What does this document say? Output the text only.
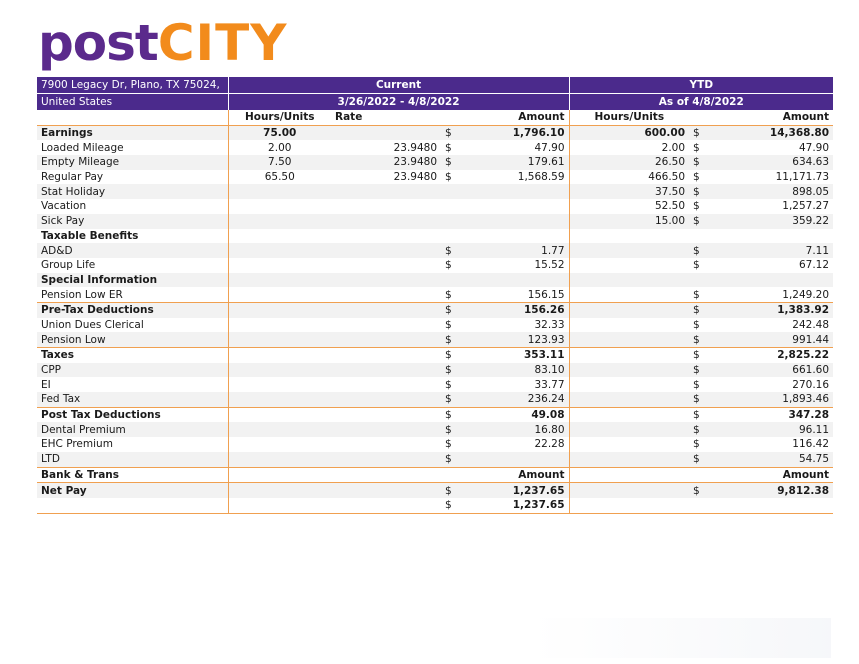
postCITY
7900 Legacy Dr, Plano, TX 75024,	Current				YTD		
United States	3/26/2022 - 4/8/2022				As of 4/8/2022		
	Hours/Units	Rate		Amount	Hours/Units		Amount
Earnings	75.00		$	1,796.10	600.00	$	14,368.80
Loaded Mileage	2.00	23.9480	$	47.90	2.00	$	47.90
Empty Mileage	7.50	23.9480	$	179.61	26.50	$	634.63
Regular Pay	65.50	23.9480	$	1,568.59	466.50	$	11,171.73
Stat Holiday					37.50	$	898.05
Vacation					52.50	$	1,257.27
Sick Pay					15.00	$	359.22
Taxable Benefits							
AD&D			$	1.77		$	7.11
Group Life			$	15.52		$	67.12
Special Information							
Pension Low ER			$	156.15		$	1,249.20
Pre-Tax Deductions			$	156.26		$	1,383.92
Union Dues Clerical			$	32.33		$	242.48
Pension Low			$	123.93		$	991.44
Taxes			$	353.11		$	2,825.22
CPP			$	83.10		$	661.60
EI			$	33.77		$	270.16
Fed Tax			$	236.24		$	1,893.46
Post Tax Deductions			$	49.08		$	347.28
Dental Premium			$	16.80		$	96.11
EHC Premium			$	22.28		$	116.42
LTD			$			$	54.75
Bank & Trans				Amount			Amount
Net Pay			$	1,237.65		$	9,812.38
			$	1,237.65			
